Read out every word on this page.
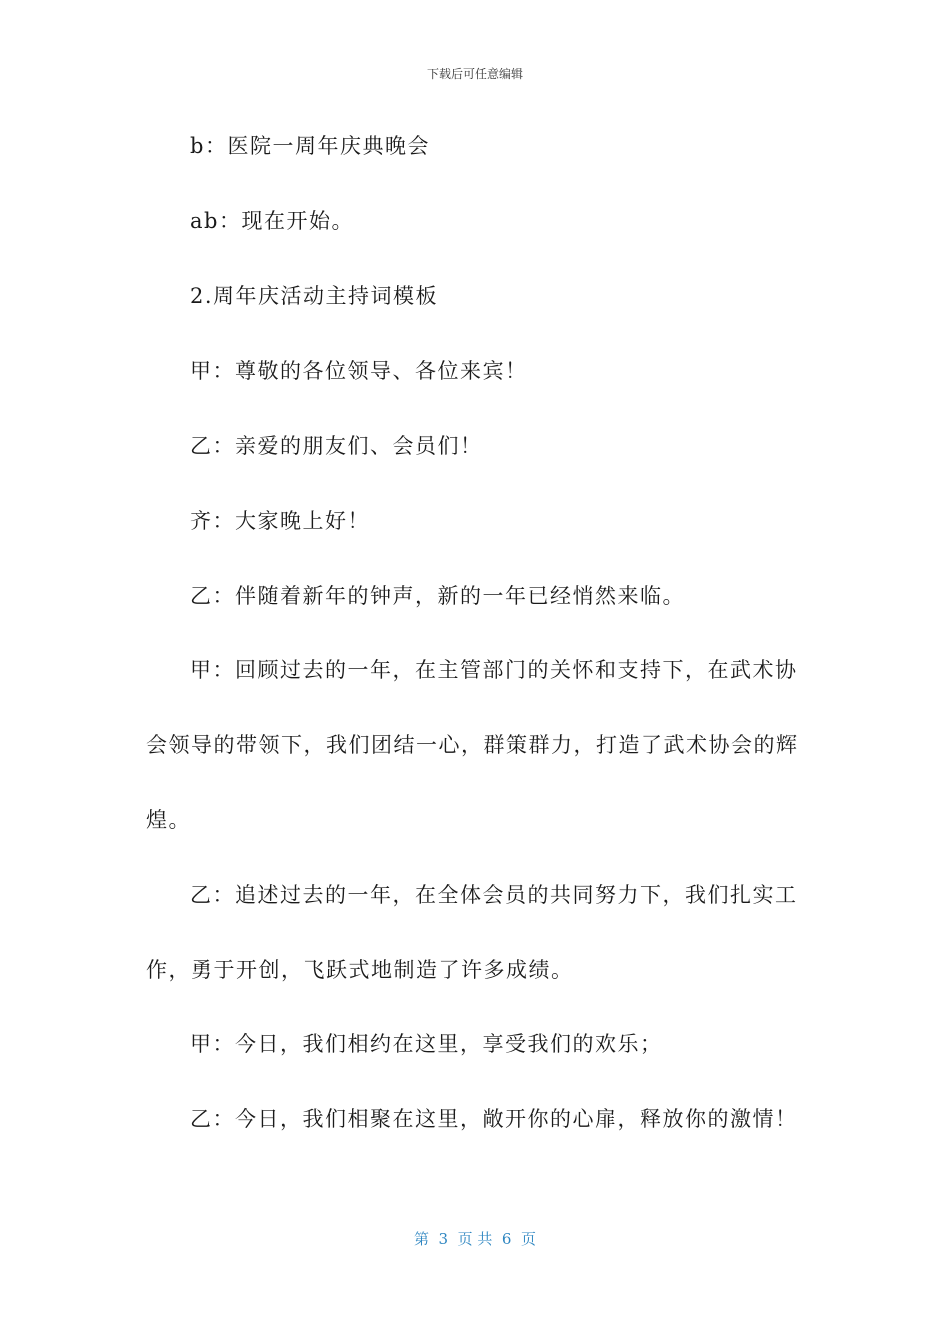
下载后可任意编辑
b：医院一周年庆典晚会
ab：现在开始。
2.周年庆活动主持词模板
甲：尊敬的各位领导、各位来宾！
乙：亲爱的朋友们、会员们！
齐：大家晚上好！
乙：伴随着新年的钟声，新的一年已经悄然来临。
甲：回顾过去的一年，在主管部门的关怀和支持下，在武术协
会领导的带领下，我们团结一心，群策群力，打造了武术协会的辉
煌。
乙：追述过去的一年，在全体会员的共同努力下，我们扎实工
作，勇于开创，飞跃式地制造了许多成绩。
甲：今日，我们相约在这里，享受我们的欢乐；
乙：今日，我们相聚在这里，敞开你的心扉，释放你的激情！
第  3  页 共  6  页
